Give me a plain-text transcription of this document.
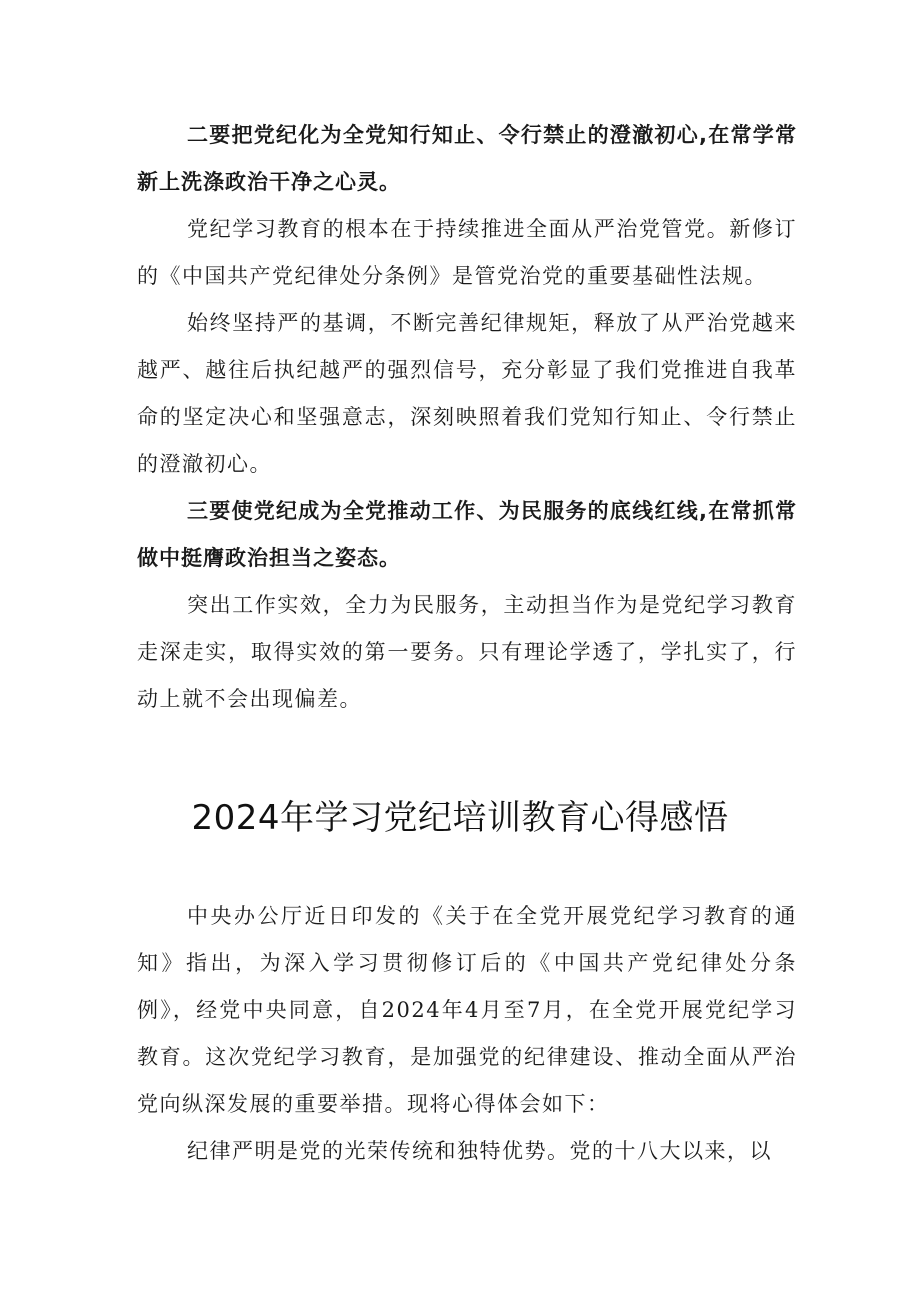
二要把党纪化为全党知行知止、令行禁止的澄澈初心,在常学常新上洗涤政治干净之心灵。

党纪学习教育的根本在于持续推进全面从严治党管党。新修订的《中国共产党纪律处分条例》是管党治党的重要基础性法规。

始终坚持严的基调，不断完善纪律规矩，释放了从严治党越来越严、越往后执纪越严的强烈信号，充分彰显了我们党推进自我革命的坚定决心和坚强意志，深刻映照着我们党知行知止、令行禁止的澄澈初心。

三要使党纪成为全党推动工作、为民服务的底线红线,在常抓常做中挺膺政治担当之姿态。

突出工作实效，全力为民服务，主动担当作为是党纪学习教育走深走实，取得实效的第一要务。只有理论学透了，学扎实了，行动上就不会出现偏差。

2024年学习党纪培训教育心得感悟

中央办公厅近日印发的《关于在全党开展党纪学习教育的通知》指出，为深入学习贯彻修订后的《中国共产党纪律处分条例》，经党中央同意，自2024年4月至7月，在全党开展党纪学习教育。这次党纪学习教育，是加强党的纪律建设、推动全面从严治党向纵深发展的重要举措。现将心得体会如下：

纪律严明是党的光荣传统和独特优势。党的十八大以来，以
